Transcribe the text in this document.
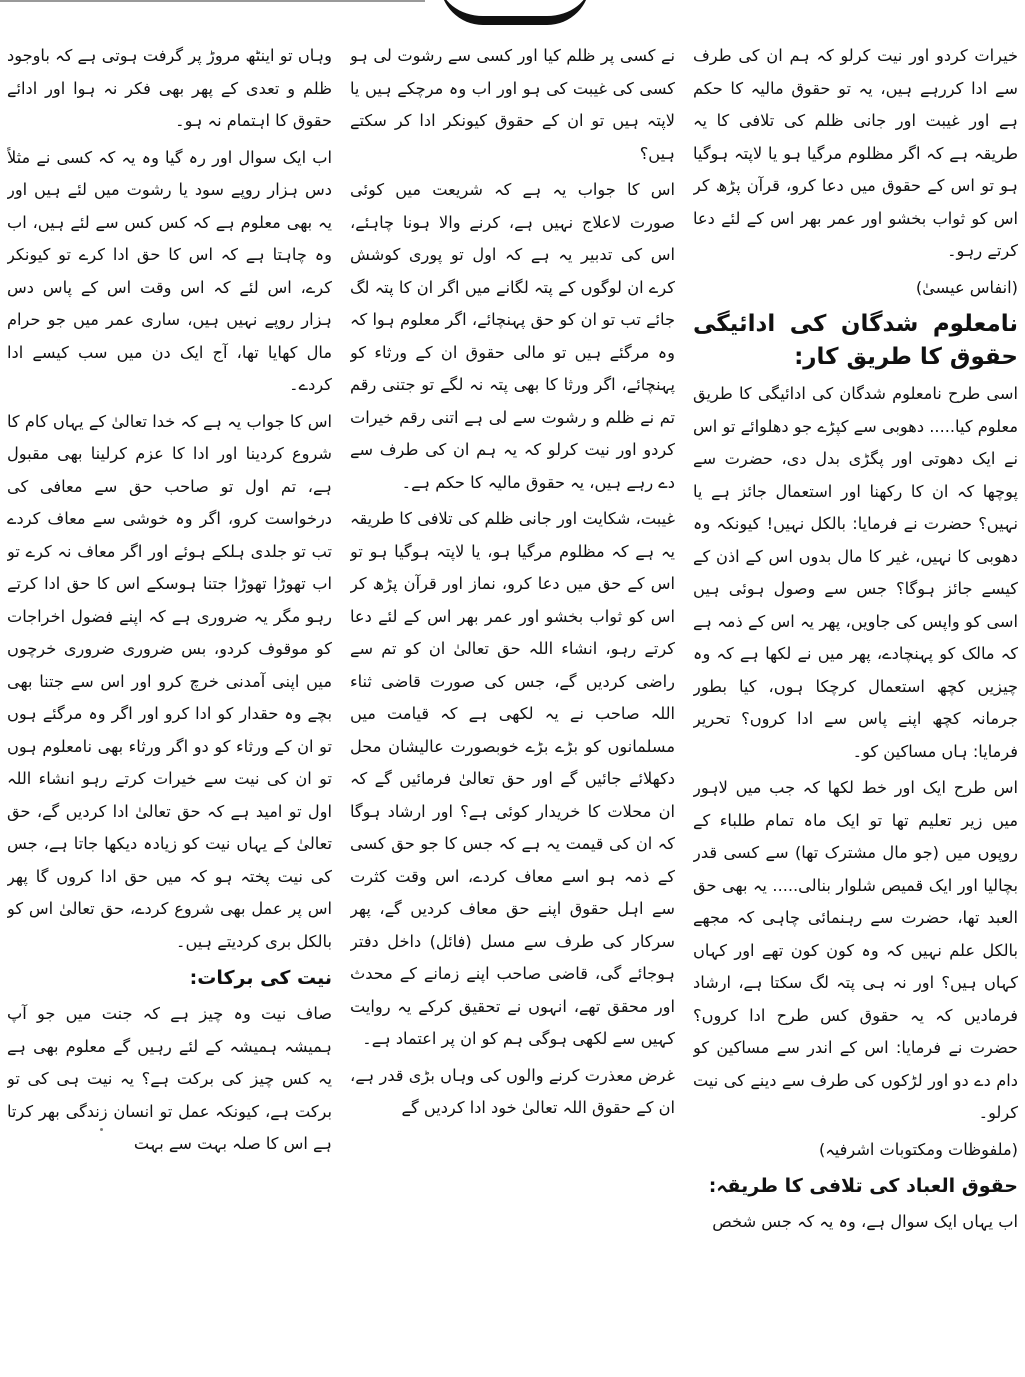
خیرات کردو اور نیت کرلو کہ ہم ان کی طرف سے ادا کررہے ہیں، یہ تو حقوق مالیہ کا حکم ہے اور غیبت اور جانی ظلم کی تلافی کا یہ طریقہ ہے کہ اگر مظلوم مرگیا ہو یا لاپتہ ہوگیا ہو تو اس کے حقوق میں دعا کرو، قرآن پڑھ کر اس کو ثواب بخشو اور عمر بھر اس کے لئے دعا کرتے رہو۔

(انفاس عیسیٰ)

نامعلوم شدگان کی ادائیگی حقوق کا طریق کار:

اسی طرح نامعلوم شدگان کی ادائیگی کا طریق معلوم کیا..... دھوبی سے کپڑے جو دھلوائے تو اس نے ایک دھوتی اور پگڑی بدل دی، حضرت سے پوچھا کہ ان کا رکھنا اور استعمال جائز ہے یا نہیں؟ حضرت نے فرمایا: بالکل نہیں! کیونکہ وہ دھوبی کا نہیں، غیر کا مال بدوں اس کے اذن کے کیسے جائز ہوگا؟ جس سے وصول ہوئی ہیں اسی کو واپس کی جاویں، پھر یہ اس کے ذمہ ہے کہ مالک کو پہنچادے، پھر میں نے لکھا ہے کہ وہ چیزیں کچھ استعمال کرچکا ہوں، کیا بطور جرمانہ کچھ اپنے پاس سے ادا کروں؟ تحریر فرمایا: ہاں مساکین کو۔

اس طرح ایک اور خط لکھا کہ جب میں لاہور میں زیر تعلیم تھا تو ایک ماہ تمام طلباء کے روپوں میں (جو مال مشترک تھا) سے کسی قدر بچالیا اور ایک قمیص شلوار بنالی..... یہ بھی حق العبد تھا، حضرت سے رہنمائی چاہی کہ مجھے بالکل علم نہیں کہ وہ کون کون تھے اور کہاں کہاں ہیں؟ اور نہ ہی پتہ لگ سکتا ہے، ارشاد فرمادیں کہ یہ حقوق کس طرح ادا کروں؟ حضرت نے فرمایا: اس کے اندر سے مساکین کو دام دے دو اور لڑکوں کی طرف سے دینے کی نیت کرلو۔

(ملفوظات ومکتوبات اشرفیہ)

حقوق العباد کی تلافی کا طریقہ:

اب یہاں ایک سوال ہے، وہ یہ کہ جس شخص

نے کسی پر ظلم کیا اور کسی سے رشوت لی ہو کسی کی غیبت کی ہو اور اب وہ مرچکے ہیں یا لاپتہ ہیں تو ان کے حقوق کیونکر ادا کر سکتے ہیں؟

اس کا جواب یہ ہے کہ شریعت میں کوئی صورت لاعلاج نہیں ہے، کرنے والا ہونا چاہئے، اس کی تدبیر یہ ہے کہ اول تو پوری کوشش کرے ان لوگوں کے پتہ لگانے میں اگر ان کا پتہ لگ جائے تب تو ان کو حق پہنچائے، اگر معلوم ہوا کہ وہ مرگئے ہیں تو مالی حقوق ان کے ورثاء کو پہنچائے، اگر ورثا کا بھی پتہ نہ لگے تو جتنی رقم تم نے ظلم و رشوت سے لی ہے اتنی رقم خیرات کردو اور نیت کرلو کہ یہ ہم ان کی طرف سے دے رہے ہیں، یہ حقوق مالیہ کا حکم ہے۔

غیبت، شکایت اور جانی ظلم کی تلافی کا طریقہ یہ ہے کہ مظلوم مرگیا ہو، یا لاپتہ ہوگیا ہو تو اس کے حق میں دعا کرو، نماز اور قرآن پڑھ کر اس کو ثواب بخشو اور عمر بھر اس کے لئے دعا کرتے رہو، انشاء اللہ حق تعالیٰ ان کو تم سے راضی کردیں گے، جس کی صورت قاضی ثناء اللہ صاحب نے یہ لکھی ہے کہ قیامت میں مسلمانوں کو بڑے بڑے خوبصورت عالیشان محل دکھلائے جائیں گے اور حق تعالیٰ فرمائیں گے کہ ان محلات کا خریدار کوئی ہے؟ اور ارشاد ہوگا کہ ان کی قیمت یہ ہے کہ جس کا جو حق کسی کے ذمہ ہو اسے معاف کردے، اس وقت کثرت سے اہل حقوق اپنے حق معاف کردیں گے، پھر سرکار کی طرف سے مسل (فائل) داخل دفتر ہوجائے گی، قاضی صاحب اپنے زمانے کے محدث اور محقق تھے، انہوں نے تحقیق کرکے یہ روایت کہیں سے لکھی ہوگی ہم کو ان پر اعتماد ہے۔

غرض معذرت کرنے والوں کی وہاں بڑی قدر ہے، ان کے حقوق اللہ تعالیٰ خود ادا کردیں گے

وہاں تو اینٹھ مروڑ پر گرفت ہوتی ہے کہ باوجود ظلم و تعدی کے پھر بھی فکر نہ ہوا اور ادائے حقوق کا اہتمام نہ ہو۔

اب ایک سوال اور رہ گیا وہ یہ کہ کسی نے مثلاً دس ہزار روپے سود یا رشوت میں لئے ہیں اور یہ بھی معلوم ہے کہ کس کس سے لئے ہیں، اب وہ چاہتا ہے کہ اس کا حق ادا کرے تو کیونکر کرے، اس لئے کہ اس وقت اس کے پاس دس ہزار روپے نہیں ہیں، ساری عمر میں جو حرام مال کھایا تھا، آج ایک دن میں سب کیسے ادا کردے۔

اس کا جواب یہ ہے کہ خدا تعالیٰ کے یہاں کام کا شروع کردینا اور ادا کا عزم کرلینا بھی مقبول ہے، تم اول تو صاحب حق سے معافی کی درخواست کرو، اگر وہ خوشی سے معاف کردے تب تو جلدی ہلکے ہوئے اور اگر معاف نہ کرے تو اب تھوڑا تھوڑا جتنا ہوسکے اس کا حق ادا کرتے رہو مگر یہ ضروری ہے کہ اپنے فضول اخراجات کو موقوف کردو، بس ضروری ضروری خرچوں میں اپنی آمدنی خرچ کرو اور اس سے جتنا بھی بچے وہ حقدار کو ادا کرو اور اگر وہ مرگئے ہوں تو ان کے ورثاء کو دو اگر ورثاء بھی نامعلوم ہوں تو ان کی نیت سے خیرات کرتے رہو انشاء اللہ اول تو امید ہے کہ حق تعالیٰ ادا کردیں گے، حق تعالیٰ کے یہاں نیت کو زیادہ دیکھا جاتا ہے، جس کی نیت پختہ ہو کہ میں حق ادا کروں گا پھر اس پر عمل بھی شروع کردے، حق تعالیٰ اس کو بالکل بری کردیتے ہیں۔

نیت کی برکات:

صاف نیت وہ چیز ہے کہ جنت میں جو آپ ہمیشہ ہمیشہ کے لئے رہیں گے معلوم بھی ہے یہ کس چیز کی برکت ہے؟ یہ نیت ہی کی تو برکت ہے، کیونکہ عمل تو انسان زندگی بھر کرتا ہے اس کا صلہ بہت سے بہت
